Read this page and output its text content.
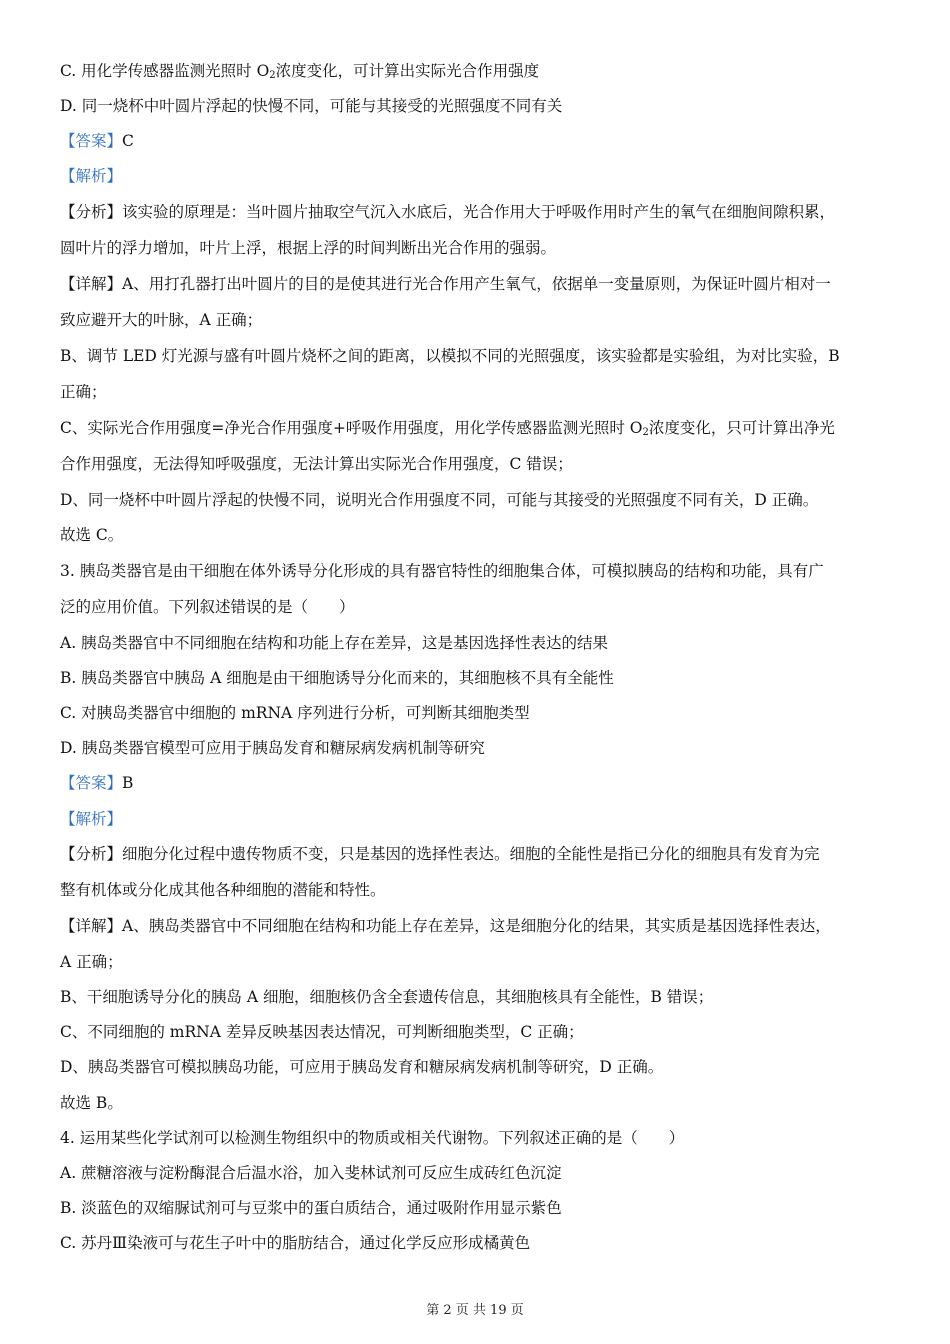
C. 用化学传感器监测光照时 $O_2$浓度变化，可计算出实际光合作用强度
D. 同一烧杯中叶圆片浮起的快慢不同，可能与其接受的光照强度不同有关
【答案】C
【解析】
【分析】该实验的原理是：当叶圆片抽取空气沉入水底后，光合作用大于呼吸作用时产生的氧气在细胞间隙积累，
圆叶片的浮力增加，叶片上浮，根据上浮的时间判断出光合作用的强弱。
【详解】A、用打孔器打出叶圆片的目的是使其进行光合作用产生氧气，依据单一变量原则，为保证叶圆片相对一
致应避开大的叶脉，A 正确；
B、调节 LED 灯光源与盛有叶圆片烧杯之间的距离，以模拟不同的光照强度，该实验都是实验组，为对比实验，B
正确；
C、实际光合作用强度=净光合作用强度+呼吸作用强度，用化学传感器监测光照时 $O_2$浓度变化，只可计算出净光
合作用强度，无法得知呼吸强度，无法计算出实际光合作用强度，C 错误；
D、同一烧杯中叶圆片浮起的快慢不同，说明光合作用强度不同，可能与其接受的光照强度不同有关，D 正确。
故选 C。
3. 胰岛类器官是由干细胞在体外诱导分化形成的具有器官特性的细胞集合体，可模拟胰岛的结构和功能，具有广
泛的应用价值。下列叙述错误的是（　　）
A. 胰岛类器官中不同细胞在结构和功能上存在差异，这是基因选择性表达的结果
B. 胰岛类器官中胰岛 A 细胞是由干细胞诱导分化而来的，其细胞核不具有全能性
C. 对胰岛类器官中细胞的 mRNA 序列进行分析，可判断其细胞类型
D. 胰岛类器官模型可应用于胰岛发育和糖尿病发病机制等研究
【答案】B
【解析】
【分析】细胞分化过程中遗传物质不变，只是基因的选择性表达。细胞的全能性是指已分化的细胞具有发育为完
整有机体或分化成其他各种细胞的潜能和特性。
【详解】A、胰岛类器官中不同细胞在结构和功能上存在差异，这是细胞分化的结果，其实质是基因选择性表达，
A 正确；
B、干细胞诱导分化的胰岛 A 细胞，细胞核仍含全套遗传信息，其细胞核具有全能性，B 错误；
C、不同细胞的 mRNA 差异反映基因表达情况，可判断细胞类型，C 正确；
D、胰岛类器官可模拟胰岛功能，可应用于胰岛发育和糖尿病发病机制等研究，D 正确。
故选 B。
4. 运用某些化学试剂可以检测生物组织中的物质或相关代谢物。下列叙述正确的是（　　）
A. 蔗糖溶液与淀粉酶混合后温水浴，加入斐林试剂可反应生成砖红色沉淀
B. 淡蓝色的双缩脲试剂可与豆浆中的蛋白质结合，通过吸附作用显示紫色
C. 苏丹Ⅲ染液可与花生子叶中的脂肪结合，通过化学反应形成橘黄色
第 2 页 共 19 页
